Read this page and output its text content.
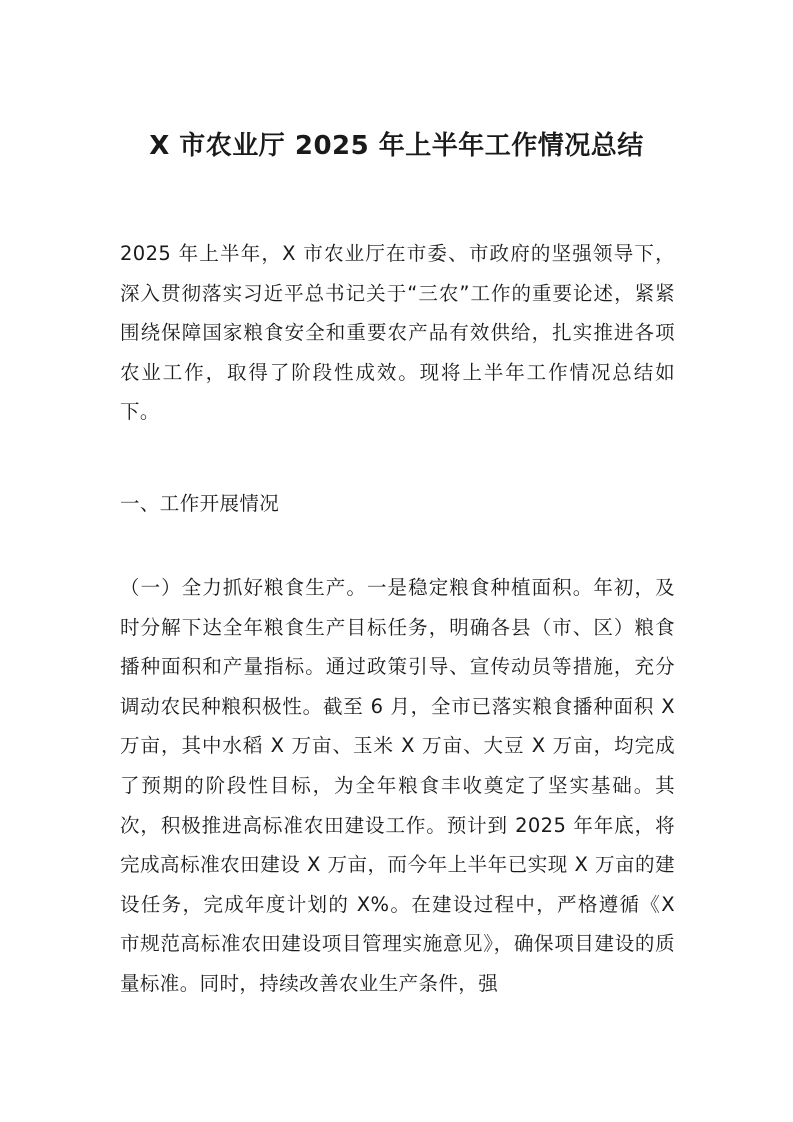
X 市农业厅 2025 年上半年工作情况总结

2025 年上半年，X 市农业厅在市委、市政府的坚强领导下，深入贯彻落实习近平总书记关于“三农”工作的重要论述，紧紧围绕保障国家粮食安全和重要农产品有效供给，扎实推进各项农业工作，取得了阶段性成效。现将上半年工作情况总结如下。

一、工作开展情况

（一）全力抓好粮食生产。一是稳定粮食种植面积。年初，及时分解下达全年粮食生产目标任务，明确各县（市、区）粮食播种面积和产量指标。通过政策引导、宣传动员等措施，充分调动农民种粮积极性。截至 6 月，全市已落实粮食播种面积 X 万亩，其中水稻 X 万亩、玉米 X 万亩、大豆 X 万亩，均完成了预期的阶段性目标，为全年粮食丰收奠定了坚实基础。其次，积极推进高标准农田建设工作。预计到 2025 年年底，将完成高标准农田建设 X 万亩，而今年上半年已实现 X 万亩的建设任务，完成年度计划的 X%。在建设过程中，严格遵循《X 市规范高标准农田建设项目管理实施意见》，确保项目建设的质量标准。同时，持续改善农业生产条件，强
